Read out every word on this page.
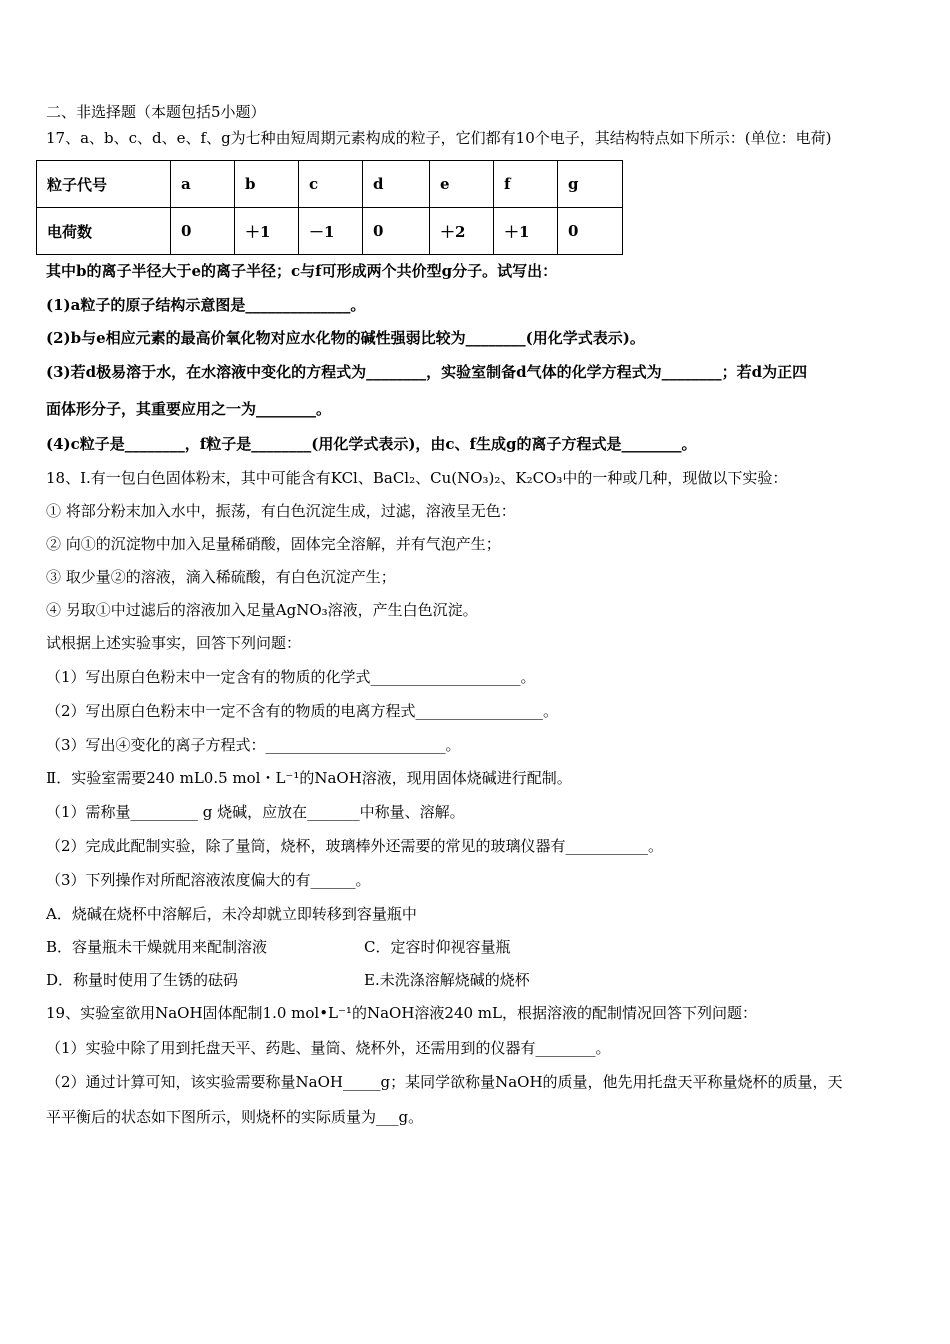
二、非选择题（本题包括5小题）
17、a、b、c、d、e、f、g为七种由短周期元素构成的粒子，它们都有10个电子，其结构特点如下所示：(单位：电荷)
粒子代号	a	b	c	d	e	f	g
电荷数	0	＋1	－1	0	＋2	＋1	0
其中b的离子半径大于e的离子半径；c与f可形成两个共价型g分子。试写出：
(1)a粒子的原子结构示意图是______________。
(2)b与e相应元素的最高价氧化物对应水化物的碱性强弱比较为________(用化学式表示)。
(3)若d极易溶于水，在水溶液中变化的方程式为________，实验室制备d气体的化学方程式为________；若d为正四
面体形分子，其重要应用之一为________。
(4)c粒子是________，f粒子是________(用化学式表示)，由c、f生成g的离子方程式是________。
18、Ⅰ.有一包白色固体粉末，其中可能含有KCl、BaCl₂、Cu(NO₃)₂、K₂CO₃中的一种或几种，现做以下实验：
① 将部分粉末加入水中，振荡，有白色沉淀生成，过滤，溶液呈无色：
② 向①的沉淀物中加入足量稀硝酸，固体完全溶解，并有气泡产生；
③ 取少量②的溶液，滴入稀硫酸，有白色沉淀产生；
④ 另取①中过滤后的溶液加入足量AgNO₃溶液，产生白色沉淀。
试根据上述实验事实，回答下列问题：
（1）写出原白色粉末中一定含有的物质的化学式____________________。
（2）写出原白色粉末中一定不含有的物质的电离方程式_________________。
（3）写出④变化的离子方程式：________________________。
Ⅱ．实验室需要240 mL0.5 mol・L⁻¹的NaOH溶液，现用固体烧碱进行配制。
（1）需称量_________ g 烧碱，应放在_______中称量、溶解。
（2）完成此配制实验，除了量筒，烧杯，玻璃棒外还需要的常见的玻璃仪器有___________。
（3）下列操作对所配溶液浓度偏大的有______。
A．烧碱在烧杯中溶解后，未冷却就立即转移到容量瓶中
B．容量瓶未干燥就用来配制溶液	C．定容时仰视容量瓶
D．称量时使用了生锈的砝码	E.未洗涤溶解烧碱的烧杯
19、实验室欲用NaOH固体配制1.0 mol•L⁻¹的NaOH溶液240 mL，根据溶液的配制情况回答下列问题：
（1）实验中除了用到托盘天平、药匙、量筒、烧杯外，还需用到的仪器有________。
（2）通过计算可知，该实验需要称量NaOH_____g；某同学欲称量NaOH的质量，他先用托盘天平称量烧杯的质量，天
平平衡后的状态如下图所示，则烧杯的实际质量为___g。
